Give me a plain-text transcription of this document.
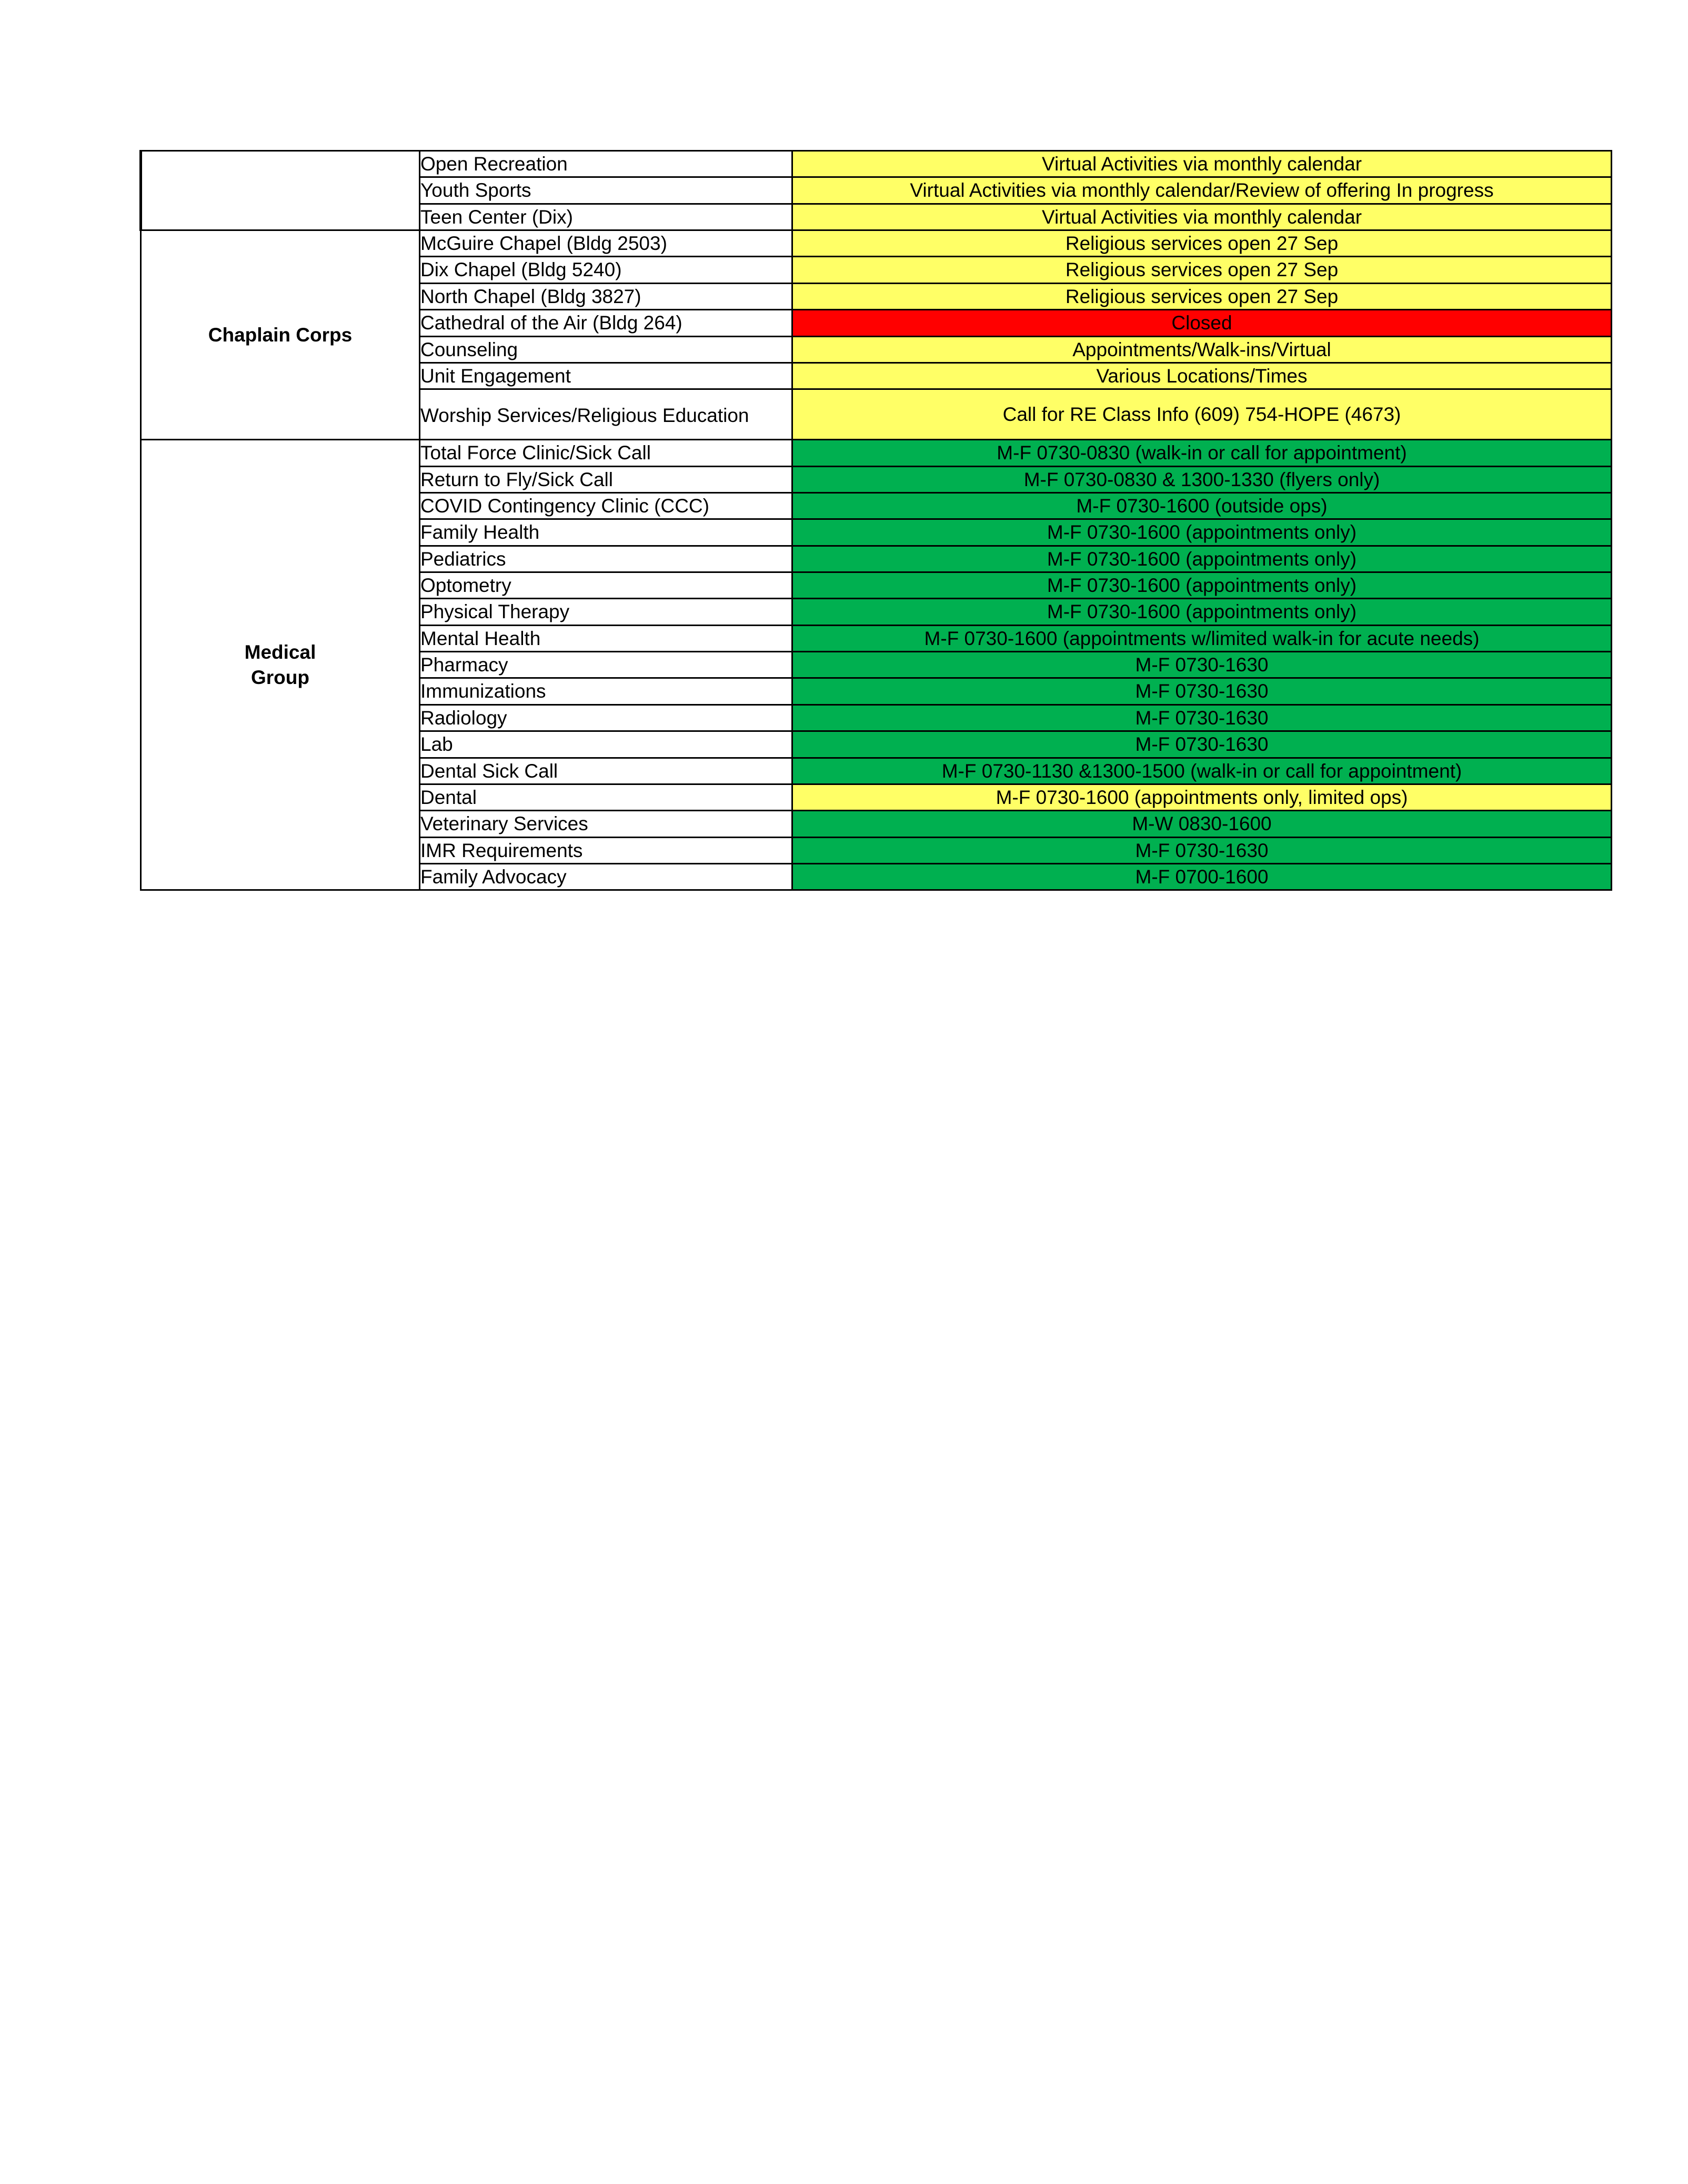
	Open Recreation	Virtual Activities via monthly calendar
	Youth Sports	Virtual Activities via monthly calendar/Review of offering In progress
	Teen Center (Dix)	Virtual Activities via monthly calendar
Chaplain Corps	McGuire Chapel (Bldg 2503)	Religious services open 27 Sep
	Dix Chapel (Bldg 5240)	Religious services open 27 Sep
	North Chapel (Bldg 3827)	Religious services open 27 Sep
	Cathedral of the Air (Bldg 264)	Closed
	Counseling	Appointments/Walk-ins/Virtual
	Unit Engagement	Various Locations/Times

	Worship Services/Religious Education	Call for RE Class Info (609) 754-HOPE (4673)

Medical
Group	Total Force Clinic/Sick Call	M-F 0730-0830 (walk-in or call for appointment)
	Return to Fly/Sick Call	M-F 0730-0830 & 1300-1330 (flyers only)
	COVID Contingency Clinic (CCC)	M-F 0730-1600 (outside ops)
	Family Health	M-F 0730-1600 (appointments only)
	Pediatrics	M-F 0730-1600 (appointments only)
	Optometry	M-F 0730-1600 (appointments only)
	Physical Therapy	M-F 0730-1600 (appointments only)
	Mental Health	M-F 0730-1600 (appointments w/limited walk-in for acute needs)
	Pharmacy	M-F 0730-1630
	Immunizations	M-F 0730-1630
	Radiology	M-F 0730-1630
	Lab	M-F 0730-1630
	Dental Sick Call	M-F 0730-1130 &1300-1500 (walk-in or call for appointment)
	Dental	M-F 0730-1600 (appointments only, limited ops)
	Veterinary Services	M-W 0830-1600
	IMR Requirements	M-F 0730-1630
	Family Advocacy	M-F 0700-1600
